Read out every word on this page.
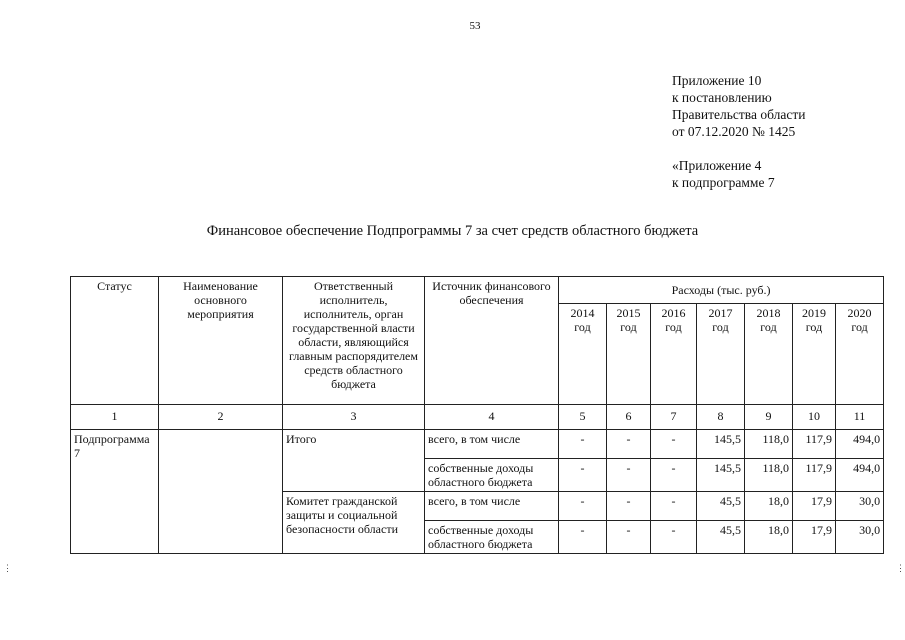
53
Приложение 10
к постановлению
Правительства области
от 07.12.2020 № 1425
«Приложение 4
к подпрограмме 7
Финансовое обеспечение Подпрограммы 7 за счет средств областного бюджета
Статус	Наименование основного мероприятия	Ответственный исполнитель, исполнитель, орган государственной власти области, являющийся главным распорядителем средств областного бюджета	Источник финансового обеспечения	Расходы (тыс. руб.)						
				2014 год	2015 год	2016 год	2017 год	2018 год	2019 год	2020 год
1	2	3	4	5	6	7	8	9	10	11
Подпрограмма 7		Итого	всего, в том числе	-	-	-	145,5	118,0	117,9	494,0
			собственные доходы областного бюджета	-	-	-	145,5	118,0	117,9	494,0
		Комитет гражданской защиты и социальной безопасности области	всего, в том числе	-	-	-	45,5	18,0	17,9	30,0
			собственные доходы областного бюджета	-	-	-	45,5	18,0	17,9	30,0
⋮	⋮
